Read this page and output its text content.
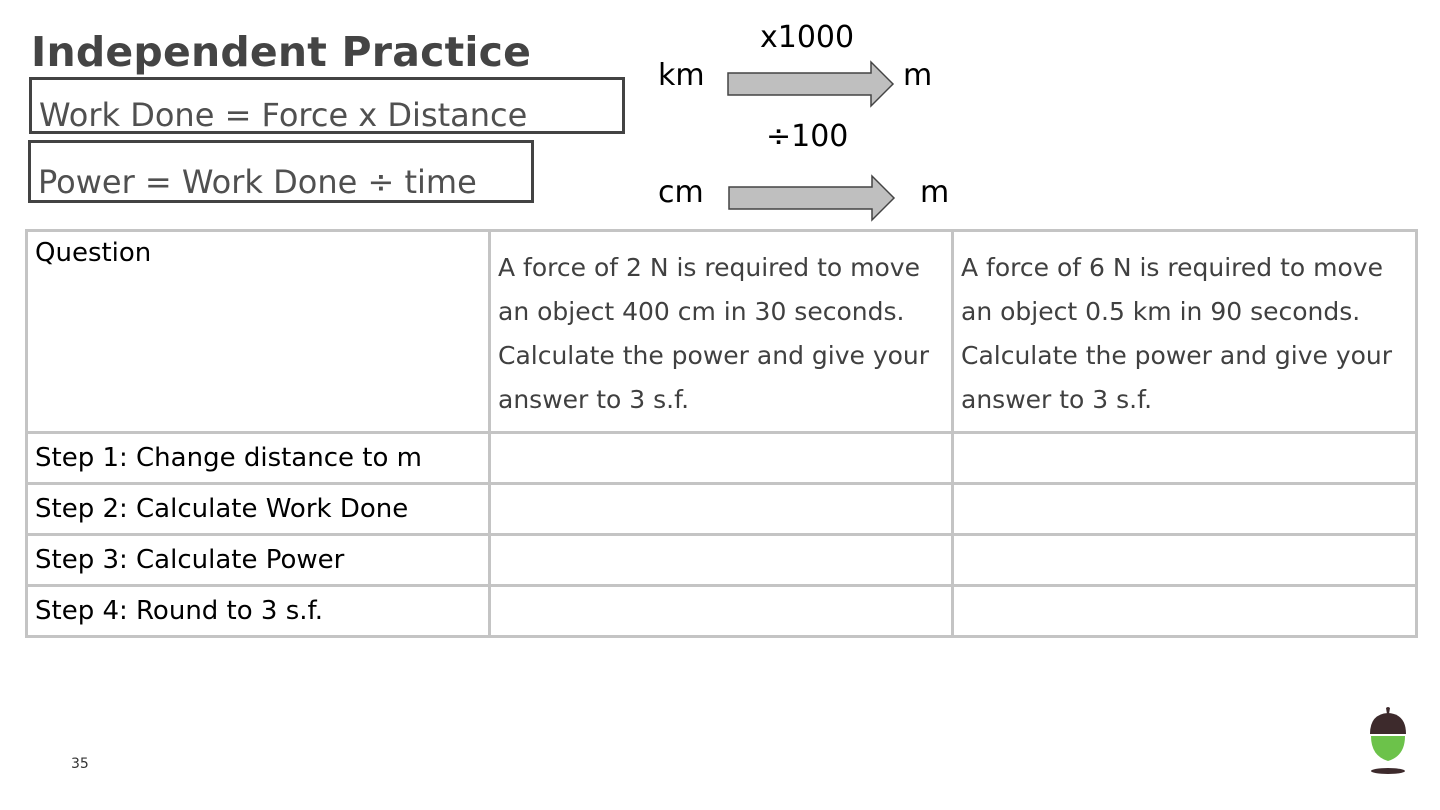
Independent Practice
Work Done = Force x Distance
Power = Work Done ÷ time
km
x1000
m
cm
÷100
m
Question	A force of 2 N is required to move an object 400 cm in 30 seconds. Calculate the power and give your answer to 3 s.f.	A force of 6 N is required to move an object 0.5 km in 90 seconds. Calculate the power and give your answer to 3 s.f.

Step 1: Change distance to m		
Step 2: Calculate Work Done		
Step 3: Calculate Power		
Step 4: Round to 3 s.f.		
35
